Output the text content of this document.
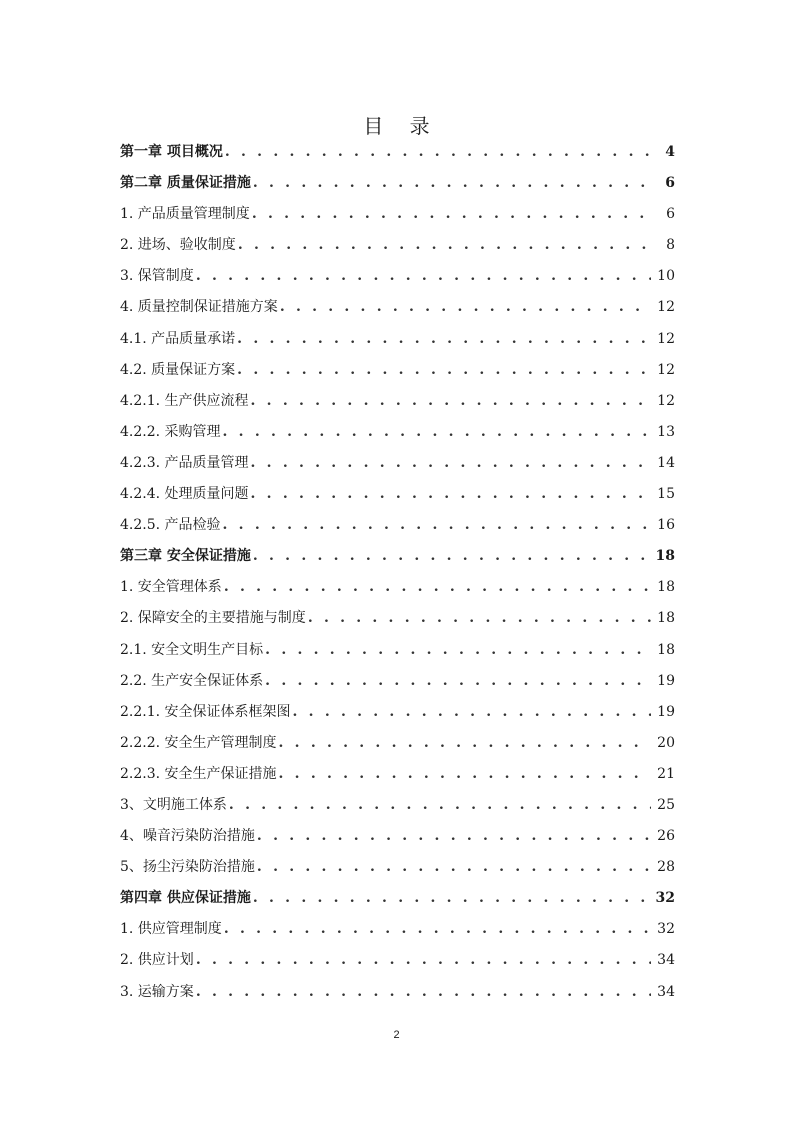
目 录
第一章 项目概况 . . .	4
第二章 质量保证措施 . . .	6
1. 产品质量管理制度 . . .	6
2. 进场、验收制度 . . .	8
3. 保管制度 . . .	10
4. 质量控制保证措施方案 . . .	12
4.1. 产品质量承诺 . . .	12
4.2. 质量保证方案 . . .	12
4.2.1. 生产供应流程 . . .	12
4.2.2. 采购管理 . . .	13
4.2.3. 产品质量管理 . . .	14
4.2.4. 处理质量问题 . . .	15
4.2.5. 产品检验 . . .	16
第三章 安全保证措施 . . .	18
1. 安全管理体系 . . .	18
2. 保障安全的主要措施与制度 . . .	18
2.1. 安全文明生产目标 . . .	18
2.2. 生产安全保证体系 . . .	19
2.2.1. 安全保证体系框架图 . . .	19
2.2.2. 安全生产管理制度 . . .	20
2.2.3. 安全生产保证措施 . . .	21
3、文明施工体系 . . .	25
4、噪音污染防治措施 . . .	26
5、扬尘污染防治措施 . . .	28
第四章 供应保证措施 . . .	32
1. 供应管理制度 . . .	32
2. 供应计划 . . .	34
3. 运输方案 . . .	34
2
